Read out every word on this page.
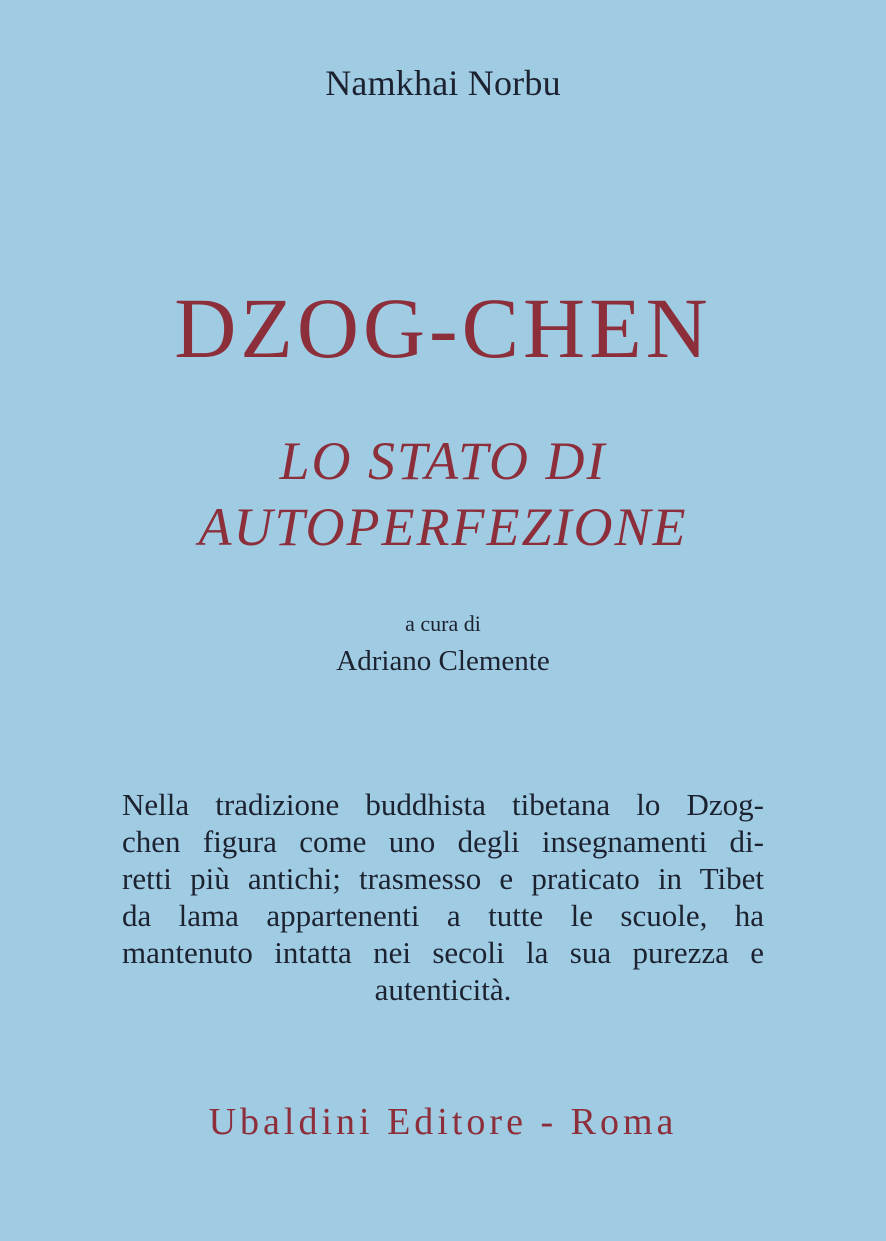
Namkhai Norbu
DZOG-CHEN
LO STATO DI
AUTOPERFEZIONE
a cura di
Adriano Clemente
Nella tradizione buddhista tibetana lo Dzog-
chen figura come uno degli insegnamenti di-
retti più antichi; trasmesso e praticato in Tibet
da lama appartenenti a tutte le scuole, ha
mantenuto intatta nei secoli la sua purezza e
autenticità.
Ubaldini Editore - Roma
